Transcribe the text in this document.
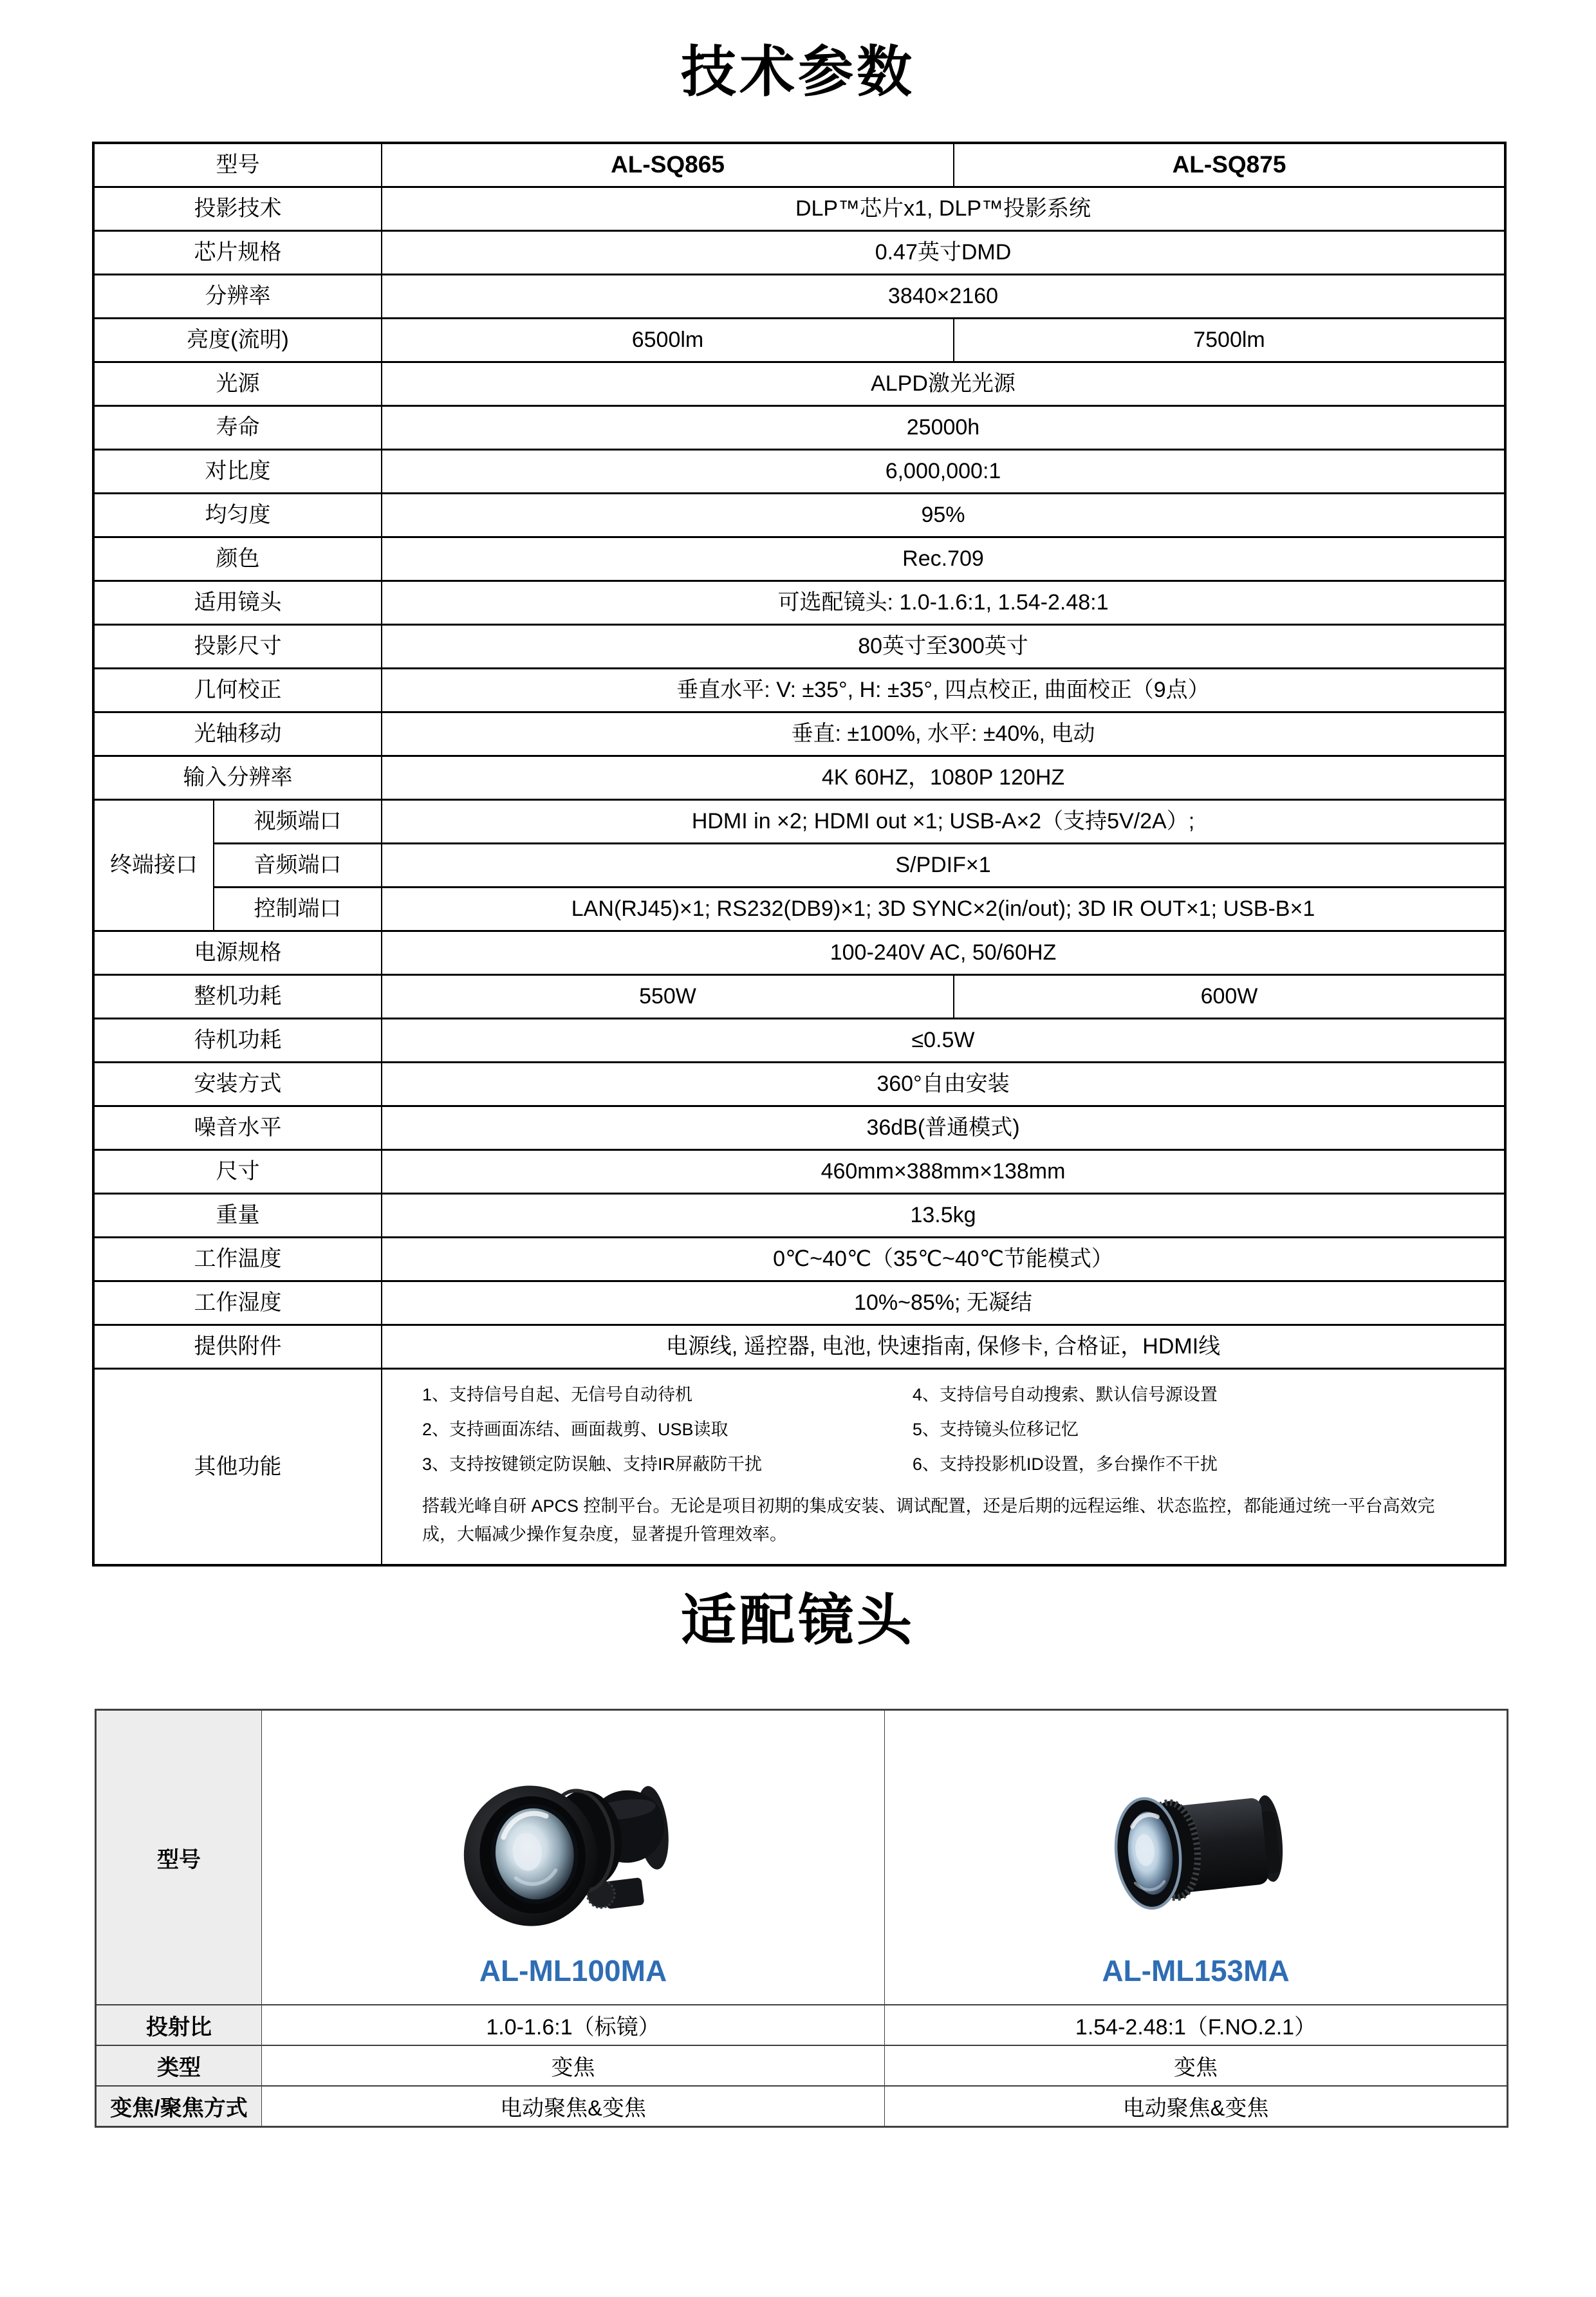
技术参数
型号		AL-SQ865	AL-SQ875
投影技术		DLP™芯片x1, DLP™投影系统	
芯片规格		0.47英寸DMD	
分辨率		3840×2160	
亮度(流明)		6500lm	7500lm
光源		ALPD激光光源	
寿命		25000h	
对比度		6,000,000:1	
均匀度		95%	
颜色		Rec.709	
适用镜头		可选配镜头: 1.0-1.6:1, 1.54-2.48:1	
投影尺寸		80英寸至300英寸	
几何校正		垂直水平: V: ±35°, H: ±35°, 四点校正, 曲面校正（9点）	
光轴移动		垂直: ±100%, 水平: ±40%, 电动	
输入分辨率		4K 60HZ，1080P 120HZ	
终端接口	视频端口	HDMI in ×2; HDMI out ×1; USB-A×2（支持5V/2A）;	
	音频端口	S/PDIF×1	
	控制端口	LAN(RJ45)×1; RS232(DB9)×1; 3D SYNC×2(in/out); 3D IR OUT×1; USB-B×1	
电源规格		100-240V AC, 50/60HZ	
整机功耗		550W	600W
待机功耗		≤0.5W	
安装方式		360°自由安装	
噪音水平		36dB(普通模式)	
尺寸		460mm×388mm×138mm	
重量		13.5kg	
工作温度		0℃~40℃（35℃~40℃节能模式）	
工作湿度		10%~85%; 无凝结	
提供附件		电源线, 遥控器, 电池, 快速指南, 保修卡, 合格证，HDMI线	
其他功能	
1、支持信号自起、无信号自动待机
2、支持画面冻结、画面裁剪、USB读取
3、支持按键锁定防误触、支持IR屏蔽防干扰
4、支持信号自动搜索、默认信号源设置
5、支持镜头位移记忆
6、支持投影机ID设置，多台操作不干扰
搭载光峰自研 APCS 控制平台。无论是项目初期的集成安装、调试配置，还是后期的远程运维、状态监控，都能通过统一平台高效完成，大幅减少操作复杂度，显著提升管理效率。
适配镜头
型号	AL-ML100MA	AL-ML153MA

投射比	1.0-1.6:1（标镜）	1.54-2.48:1（F.NO.2.1）
类型	变焦	变焦
变焦/聚焦方式	电动聚焦&变焦	电动聚焦&变焦
